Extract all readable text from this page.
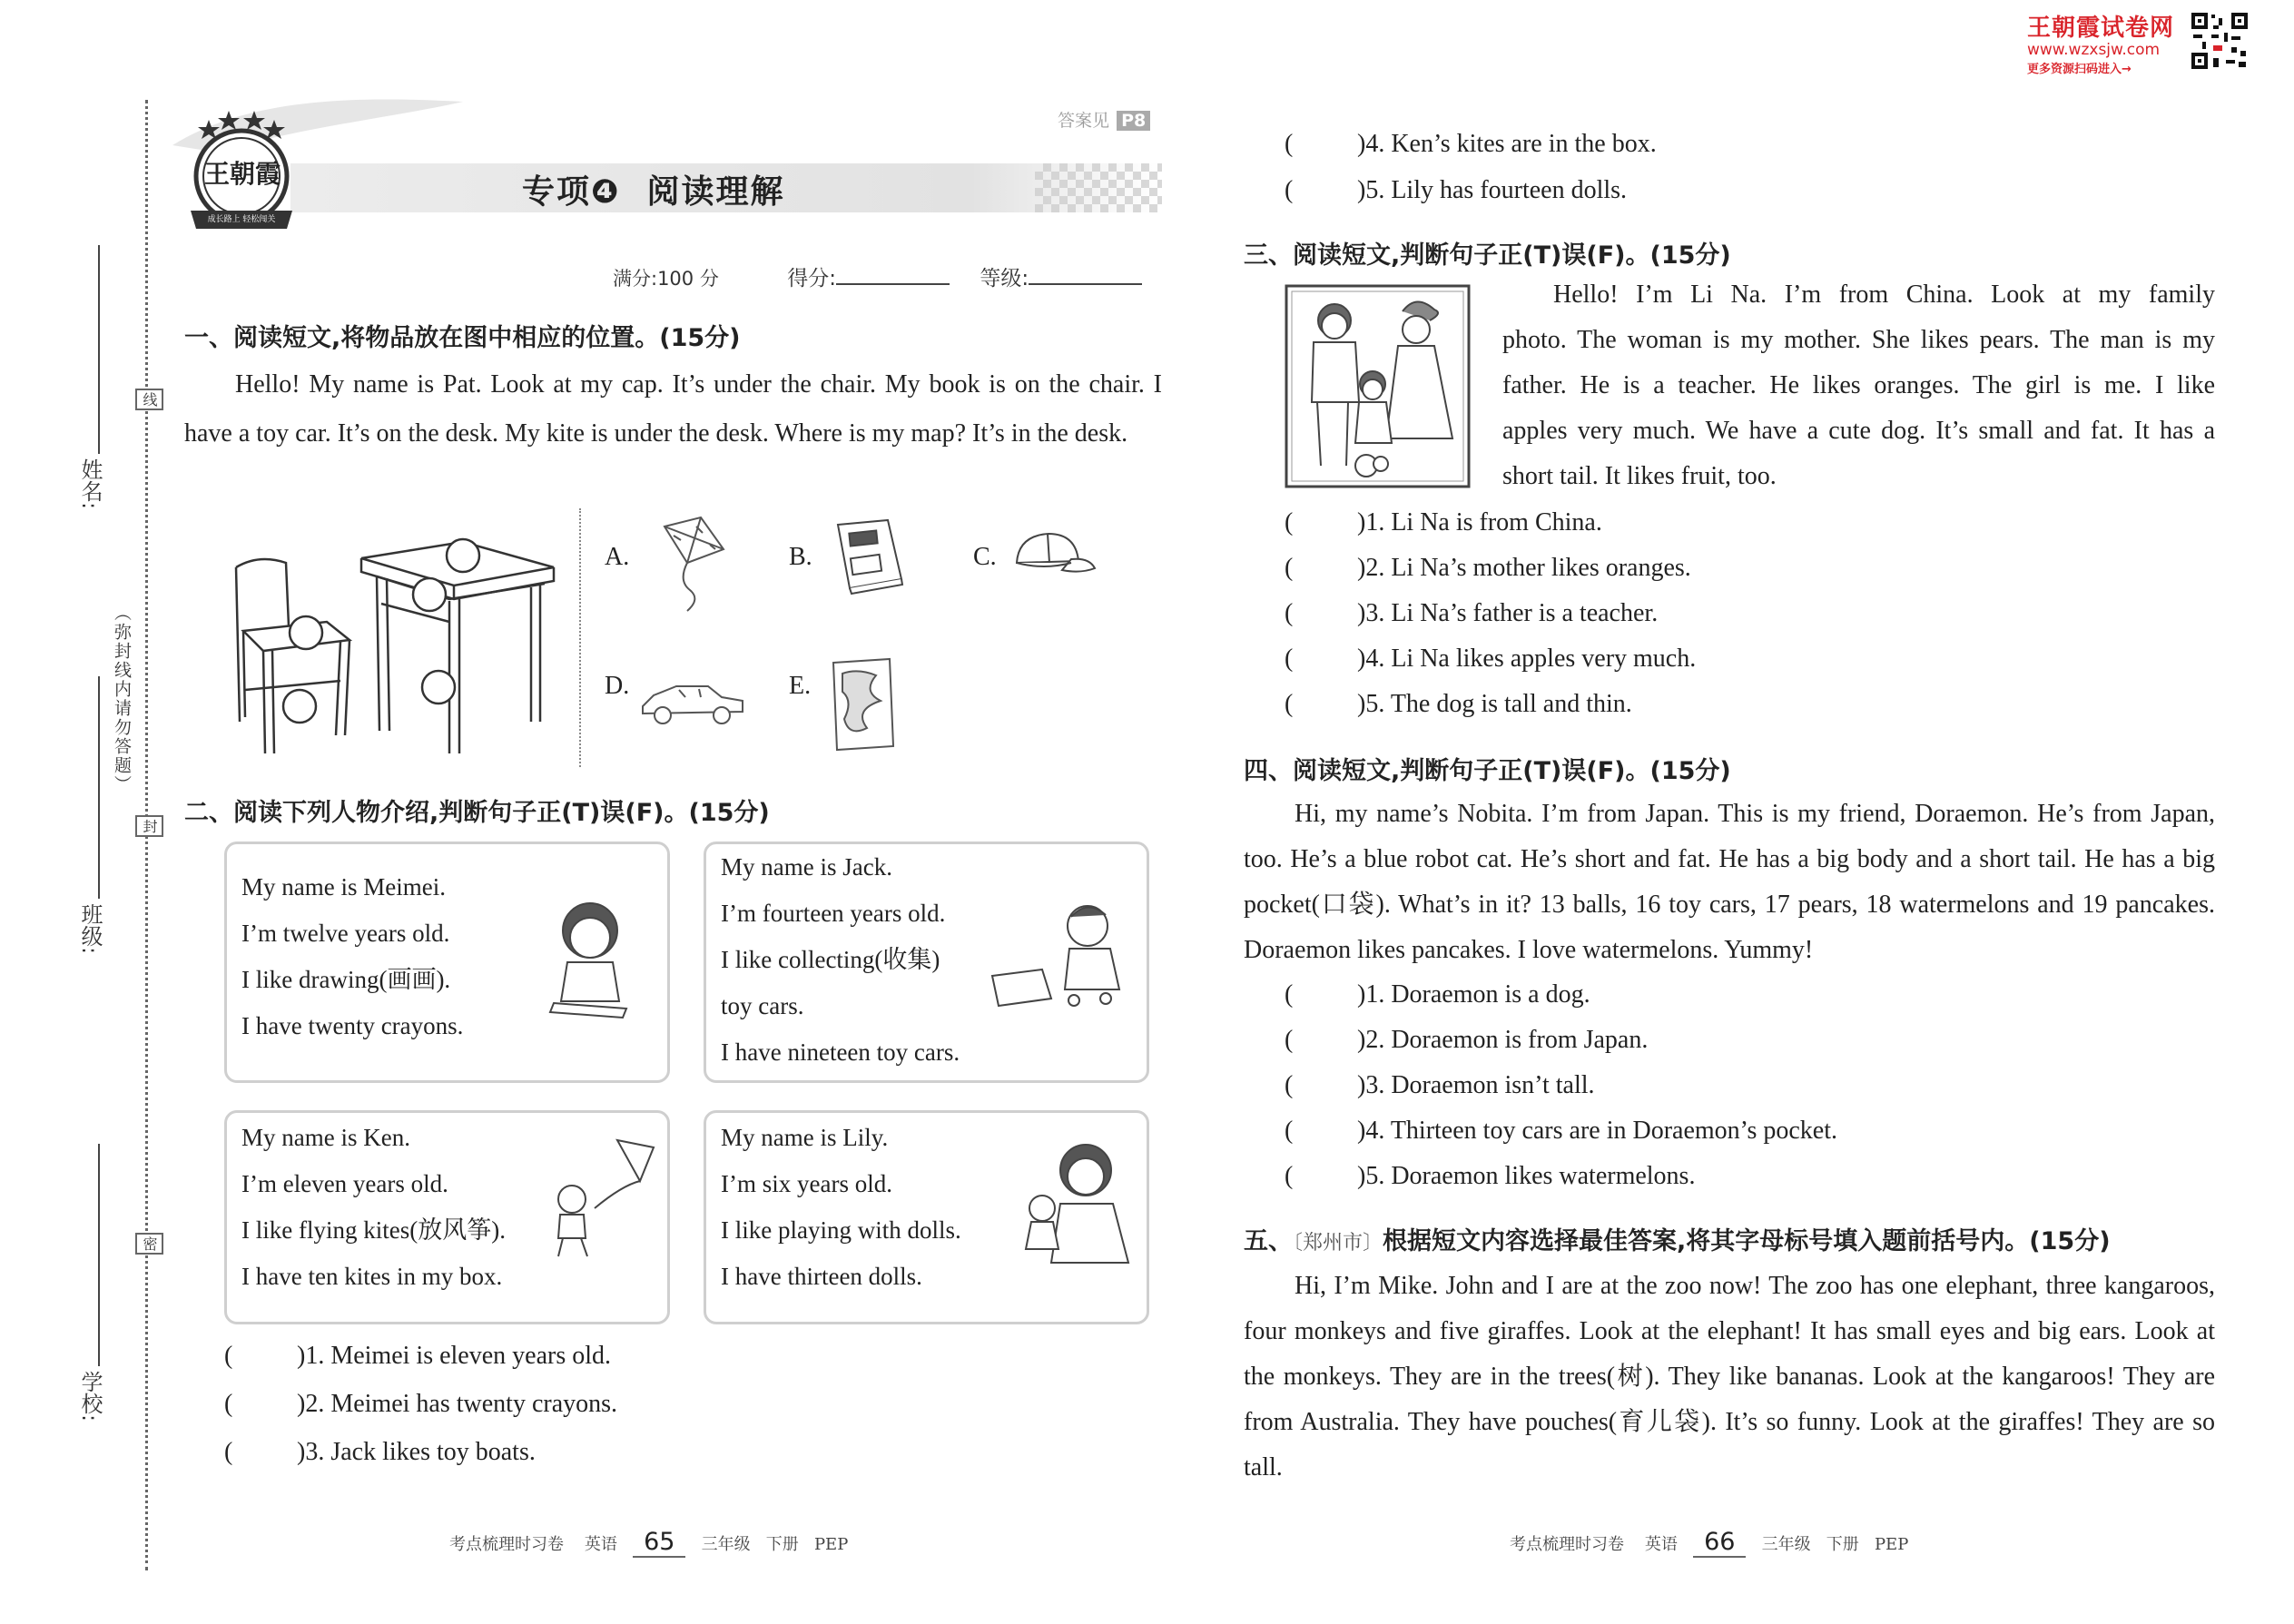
王朝霞试卷网
www.wzxsjw.com
更多资源扫码进入→
姓名:
班级:
学校:
（弥封线内请勿答题）
线
封
密
专项❹  阅读理解
王朝霞
成长路上 轻松闯关
答案见 P8
满分:100 分	得分:	等级:
一、阅读短文,将物品放在图中相应的位置。(15分)
Hello! My name is Pat. Look at my cap. It’s under the chair. My book is on the chair. I have a toy car. It’s on the desk. My kite is under the desk. Where is my map? It’s in the desk.
A.	B.	C.
D.	E.
二、阅读下列人物介绍,判断句子正(T)误(F)。(15分)
My name is Meimei.
I’m twelve years old.
I like drawing(画画).
I have twenty crayons.
My name is Jack.
I’m fourteen years old.
I like collecting(收集)
toy cars.
I have nineteen toy cars.
My name is Ken.
I’m eleven years old.
I like flying kites(放风筝).
I have ten kites in my box.
My name is Lily.
I’m six years old.
I like playing with dolls.
I have thirteen dolls.
(	)1. Meimei is eleven years old.
(	)2. Meimei has twenty crayons.
(	)3. Jack likes toy boats.
考点梳理时习卷 英语 65 三年级 下册 PEP
(	)4. Ken’s kites are in the box.
(	)5. Lily has fourteen dolls.
三、阅读短文,判断句子正(T)误(F)。(15分)
Hello! I’m Li Na. I’m from China. Look at my family
photo. The woman is my mother. She likes pears. The man is my
father. He is a teacher. He likes oranges. The girl is me. I like
apples very much. We have a cute dog. It’s small and fat. It has a
short tail. It likes fruit, too.
(	)1. Li Na is from China.
(	)2. Li Na’s mother likes oranges.
(	)3. Li Na’s father is a teacher.
(	)4. Li Na likes apples very much.
(	)5. The dog is tall and thin.
四、阅读短文,判断句子正(T)误(F)。(15分)
Hi, my name’s Nobita. I’m from Japan. This is my friend, Doraemon. He’s from Japan, too. He’s a blue robot cat. He’s short and fat. He has a big body and a short tail. He has a big pocket(口袋). What’s in it? 13 balls, 16 toy cars, 17 pears, 18 watermelons and 19 pancakes. Doraemon likes pancakes. I love watermelons. Yummy!
(	)1. Doraemon is a dog.
(	)2. Doraemon is from Japan.
(	)3. Doraemon isn’t tall.
(	)4. Thirteen toy cars are in Doraemon’s pocket.
(	)5. Doraemon likes watermelons.
五、〔郑州市〕根据短文内容选择最佳答案,将其字母标号填入题前括号内。(15分)
Hi, I’m Mike. John and I are at the zoo now! The zoo has one elephant, three kangaroos, four monkeys and five giraffes. Look at the elephant! It has small eyes and big ears. Look at the monkeys. They are in the trees(树). They like bananas. Look at the kangaroos! They are from Australia. They have pouches(育儿袋). It’s so funny. Look at the giraffes! They are so tall.
考点梳理时习卷 英语 66 三年级 下册 PEP
